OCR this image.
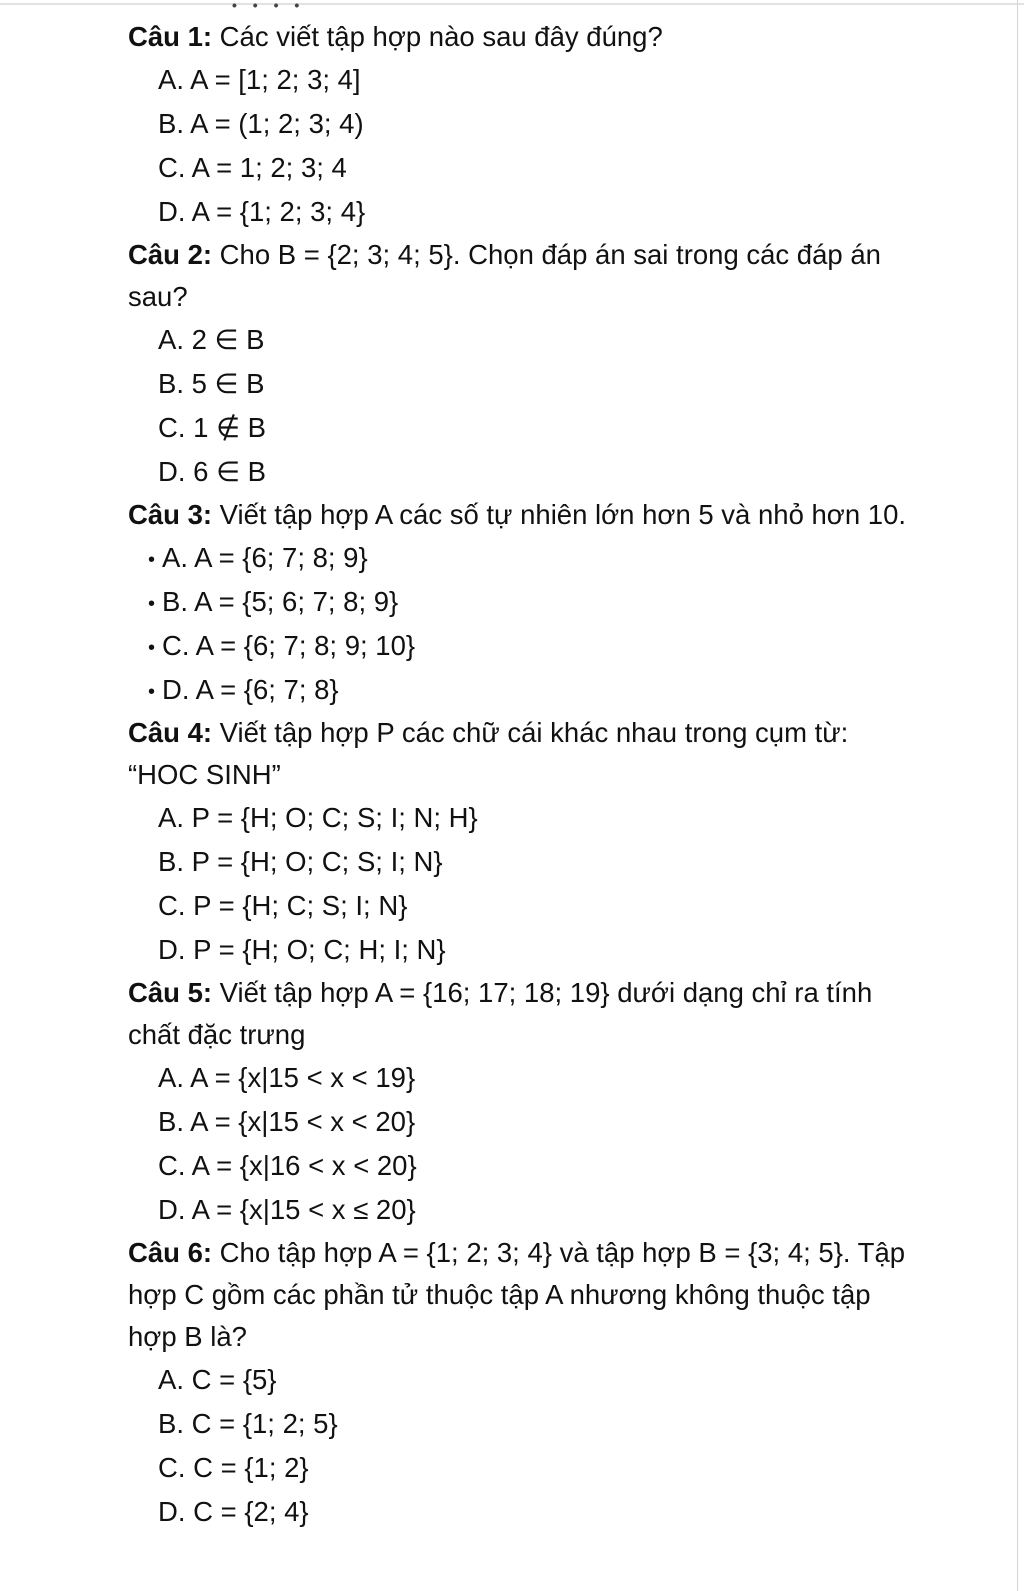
• • • •
Câu 1: Các viết tập hợp nào sau đây đúng?
A. A = [1; 2; 3; 4]
B. A = (1; 2; 3; 4)
C. A = 1; 2; 3; 4
D. A = {1; 2; 3; 4}
Câu 2: Cho B = {2; 3; 4; 5}. Chọn đáp án sai trong các đáp án sau?
A. 2 ∈ B
B. 5 ∈ B
C. 1 ∉ B
D. 6 ∈ B
Câu 3: Viết tập hợp A các số tự nhiên lớn hơn 5 và nhỏ hơn 10.
• A. A = {6; 7; 8; 9}
• B. A = {5; 6; 7; 8; 9}
• C. A = {6; 7; 8; 9; 10}
• D. A = {6; 7; 8}
Câu 4: Viết tập hợp P các chữ cái khác nhau trong cụm từ: “HOC SINH”
A. P = {H; O; C; S; I; N; H}
B. P = {H; O; C; S; I; N}
C. P = {H; C; S; I; N}
D. P = {H; O; C; H; I; N}
Câu 5: Viết tập hợp A = {16; 17; 18; 19} dưới dạng chỉ ra tính chất đặc trưng
A. A = {x|15 < x < 19}
B. A = {x|15 < x < 20}
C. A = {x|16 < x < 20}
D. A = {x|15 < x ≤ 20}
Câu 6: Cho tập hợp A = {1; 2; 3; 4} và tập hợp B = {3; 4; 5}. Tập hợp C gồm các phần tử thuộc tập A nhương không thuộc tập hợp B là?
A. C = {5}
B. C = {1; 2; 5}
C. C = {1; 2}
D. C = {2; 4}
